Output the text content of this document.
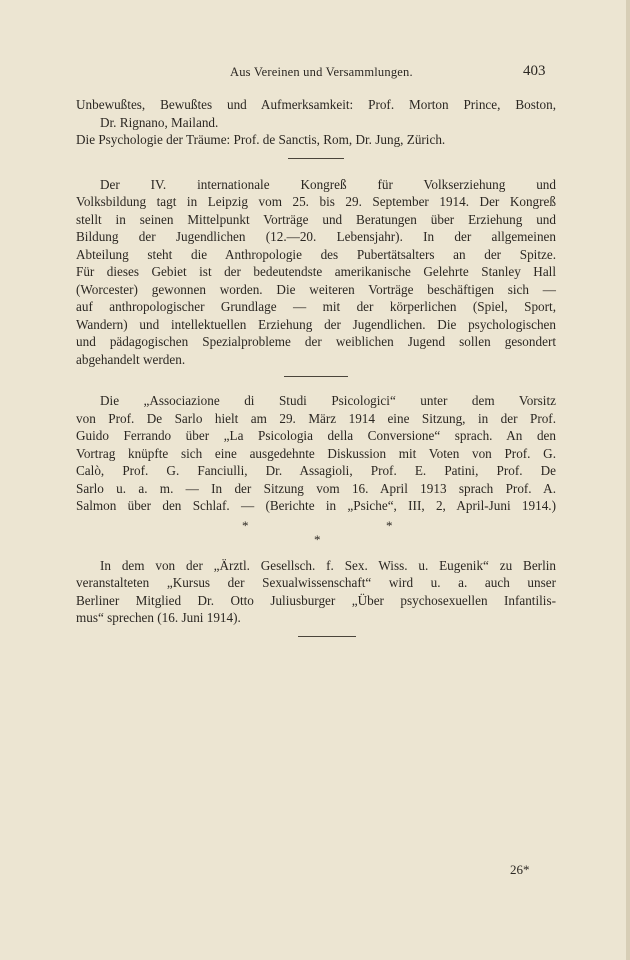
Aus Vereinen und Versammlungen.	403
Unbewußtes, Bewußtes und Aufmerksamkeit: Prof. Morton Prince, Boston,
Dr. Rignano, Mailand.
Die Psychologie der Träume: Prof. de Sanctis, Rom, Dr. Jung, Zürich.
Der IV. internationale Kongreß für Volkserziehung und
Volksbildung tagt in Leipzig vom 25. bis 29. September 1914. Der Kongreß
stellt in seinen Mittelpunkt Vorträge und Beratungen über Erziehung und
Bildung der Jugendlichen (12.—20. Lebensjahr). In der allgemeinen
Abteilung steht die Anthropologie des Pubertätsalters an der Spitze.
Für dieses Gebiet ist der bedeutendste amerikanische Gelehrte Stanley Hall
(Worcester) gewonnen worden. Die weiteren Vorträge beschäftigen sich —
auf anthropologischer Grundlage — mit der körperlichen (Spiel, Sport,
Wandern) und intellektuellen Erziehung der Jugendlichen. Die psychologischen
und pädagogischen Spezialprobleme der weiblichen Jugend sollen gesondert
abgehandelt werden.
Die „Associazione di Studi Psicologici“ unter dem Vorsitz
von Prof. De Sarlo hielt am 29. März 1914 eine Sitzung, in der Prof.
Guido Ferrando über „La Psicologia della Conversione“ sprach. An den
Vortrag knüpfte sich eine ausgedehnte Diskussion mit Voten von Prof. G.
Calò, Prof. G. Fanciulli, Dr. Assagioli, Prof. E. Patini, Prof. De
Sarlo u. a. m. — In der Sitzung vom 16. April 1913 sprach Prof. A.
Salmon über den Schlaf. — (Berichte in „Psiche“, III, 2, April-Juni 1914.)
*
*
*
In dem von der „Ärztl. Gesellsch. f. Sex. Wiss. u. Eugenik“ zu Berlin
veranstalteten „Kursus der Sexualwissenschaft“ wird u. a. auch unser
Berliner Mitglied Dr. Otto Juliusburger „Über psychosexuellen Infantilis-
mus“ sprechen (16. Juni 1914).
26*
